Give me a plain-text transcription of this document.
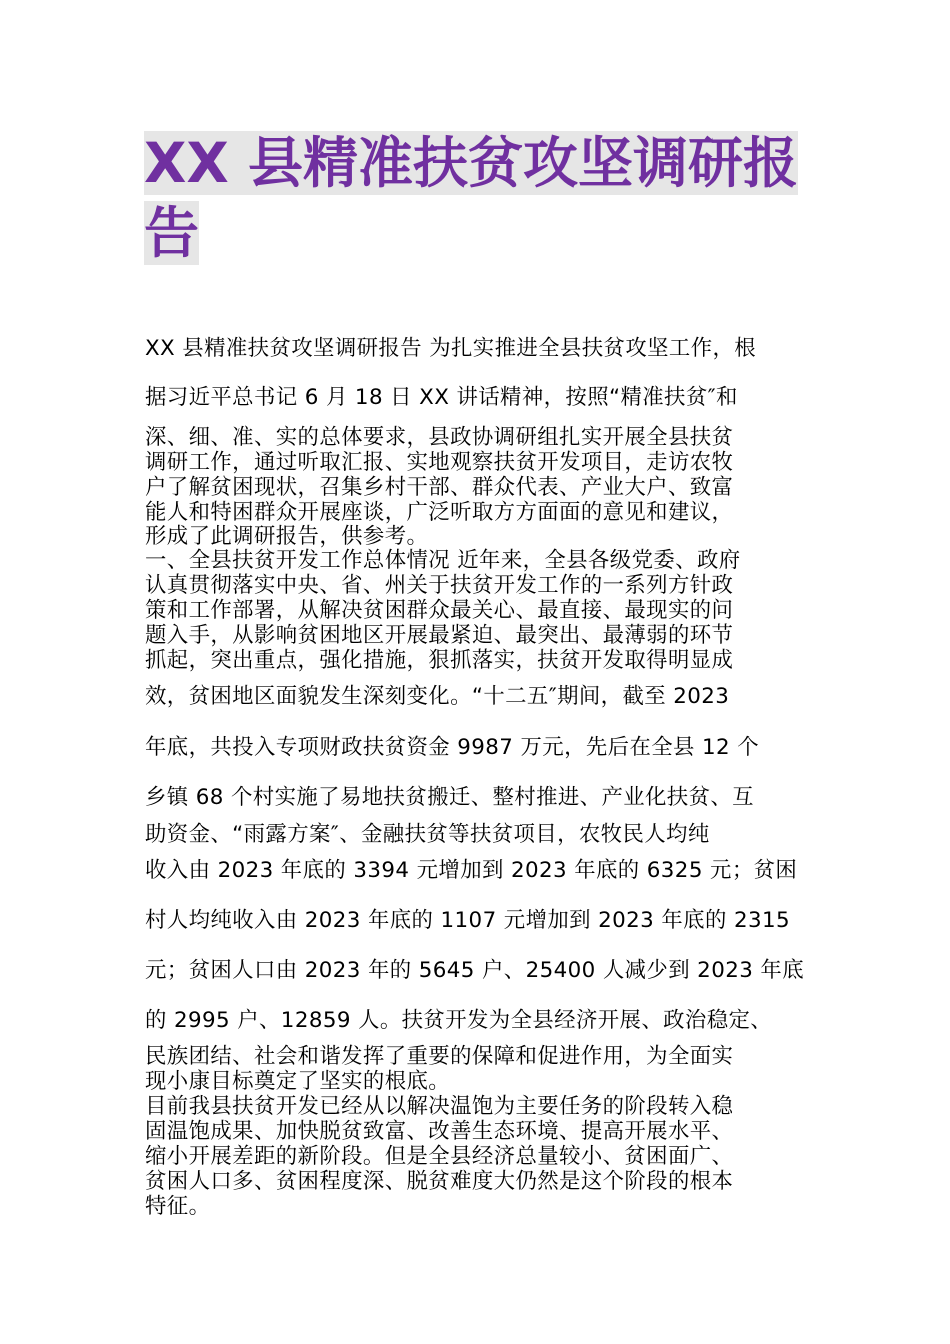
XX 县精准扶贫攻坚调研报告
XX 县精准扶贫攻坚调研报告 为扎实推进全县扶贫攻坚工作，根
据习近平总书记 6 月 18 日 XX 讲话精神，按照“精准扶贫″和
深、细、准、实的总体要求，县政协调研组扎实开展全县扶贫
调研工作，通过听取汇报、实地观察扶贫开发项目，走访农牧
户了解贫困现状，召集乡村干部、群众代表、产业大户、致富
能人和特困群众开展座谈，广泛听取方方面面的意见和建议，
形成了此调研报告，供参考。
一、全县扶贫开发工作总体情况 近年来，全县各级党委、政府
认真贯彻落实中央、省、州关于扶贫开发工作的一系列方针政
策和工作部署，从解决贫困群众最关心、最直接、最现实的问
题入手，从影响贫困地区开展最紧迫、最突出、最薄弱的环节
抓起，突出重点，强化措施，狠抓落实，扶贫开发取得明显成
效，贫困地区面貌发生深刻变化。“十二五″期间，截至 2023
年底，共投入专项财政扶贫资金 9987 万元，先后在全县 12 个
乡镇 68 个村实施了易地扶贫搬迁、整村推进、产业化扶贫、互
助资金、“雨露方案″、金融扶贫等扶贫项目，农牧民人均纯
收入由 2023 年底的 3394 元增加到 2023 年底的 6325 元；贫困
村人均纯收入由 2023 年底的 1107 元增加到 2023 年底的 2315
元；贫困人口由 2023 年的 5645 户、25400 人减少到 2023 年底
的 2995 户、12859 人。扶贫开发为全县经济开展、政治稳定、
民族团结、社会和谐发挥了重要的保障和促进作用，为全面实
现小康目标奠定了坚实的根底。
目前我县扶贫开发已经从以解决温饱为主要任务的阶段转入稳
固温饱成果、加快脱贫致富、改善生态环境、提高开展水平、
缩小开展差距的新阶段。但是全县经济总量较小、贫困面广、
贫困人口多、贫困程度深、脱贫难度大仍然是这个阶段的根本
特征。
